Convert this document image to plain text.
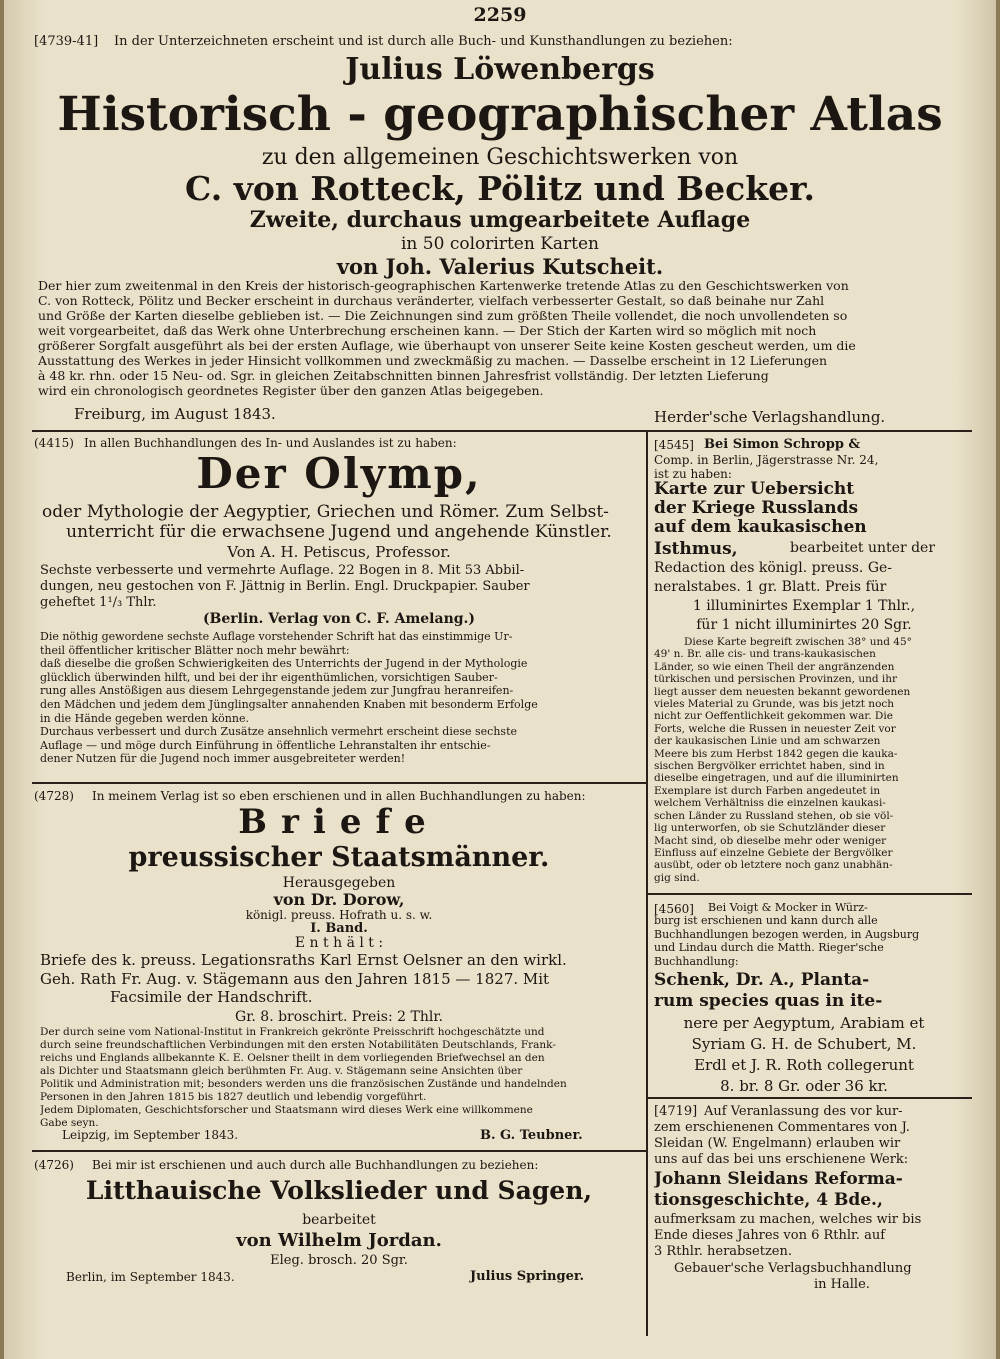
2259
[4739-41] In der Unterzeichneten erscheint und ist durch alle Buch- und Kunsthandlungen zu beziehen:
Julius Löwenbergs
Historisch - geographischer Atlas
zu den allgemeinen Geschichtswerken von
C. von Rotteck, Pölitz und Becker.
Zweite, durchaus umgearbeitete Auflage
in 50 colorirten Karten
von Joh. Valerius Kutscheit.
Der hier zum zweitenmal in den Kreis der historisch-geographischen Kartenwerke tretende Atlas zu den Geschichtswerken von
C. von Rotteck, Pölitz und Becker erscheint in durchaus veränderter, vielfach verbesserter Gestalt, so daß beinahe nur Zahl
und Größe der Karten dieselbe geblieben ist. — Die Zeichnungen sind zum größten Theile vollendet, die noch unvollendeten so
weit vorgearbeitet, daß das Werk ohne Unterbrechung erscheinen kann. — Der Stich der Karten wird so möglich mit noch
größerer Sorgfalt ausgeführt als bei der ersten Auflage, wie überhaupt von unserer Seite keine Kosten gescheut werden, um die
Ausstattung des Werkes in jeder Hinsicht vollkommen und zweckmäßig zu machen. — Dasselbe erscheint in 12 Lieferungen
à 48 kr. rhn. oder 15 Neu- od. Sgr. in gleichen Zeitabschnitten binnen Jahresfrist vollständig. Der letzten Lieferung
wird ein chronologisch geordnetes Register über den ganzen Atlas beigegeben.
Freiburg, im August 1843.	Herder'sche Verlagshandlung.
(4415) In allen Buchhandlungen des In- und Auslandes ist zu haben:
Der Olymp,
oder Mythologie der Aegyptier, Griechen und Römer. Zum Selbst-
unterricht für die erwachsene Jugend und angehende Künstler.
Von A. H. Petiscus, Professor.
Sechste verbesserte und vermehrte Auflage. 22 Bogen in 8. Mit 53 Abbil-
dungen, neu gestochen von F. Jättnig in Berlin. Engl. Druckpapier. Sauber
geheftet 1¹/₃ Thlr.
(Berlin. Verlag von C. F. Amelang.)
Die nöthig gewordene sechste Auflage vorstehender Schrift hat das einstimmige Ur-
theil öffentlicher kritischer Blätter noch mehr bewährt:
daß dieselbe die großen Schwierigkeiten des Unterrichts der Jugend in der Mythologie
glücklich überwinden hilft, und bei der ihr eigenthümlichen, vorsichtigen Sauber-
rung alles Anstößigen aus diesem Lehrgegenstande jedem zur Jungfrau heranreifen-
den Mädchen und jedem dem Jünglingsalter annahenden Knaben mit besonderm Erfolge
in die Hände gegeben werden könne.
Durchaus verbessert und durch Zusätze ansehnlich vermehrt erscheint diese sechste
Auflage — und möge durch Einführung in öffentliche Lehranstalten ihr entschie-
dener Nutzen für die Jugend noch immer ausgebreiteter werden!
(4728) In meinem Verlag ist so eben erschienen und in allen Buchhandlungen zu haben:
Briefe
preussischer Staatsmänner.
Herausgegeben
von Dr. Dorow,
königl. preuss. Hofrath u. s. w.
I. Band.
E n t h ä l t :
Briefe des k. preuss. Legationsraths Karl Ernst Oelsner an den wirkl.
Geh. Rath Fr. Aug. v. Stägemann aus den Jahren 1815 — 1827. Mit
Facsimile der Handschrift.
Gr. 8. broschirt. Preis: 2 Thlr.
Der durch seine vom National-Institut in Frankreich gekrönte Preisschrift hochgeschätzte und
durch seine freundschaftlichen Verbindungen mit den ersten Notabilitäten Deutschlands, Frank-
reichs und Englands allbekannte K. E. Oelsner theilt in dem vorliegenden Briefwechsel an den
als Dichter und Staatsmann gleich berühmten Fr. Aug. v. Stägemann seine Ansichten über
Politik und Administration mit; besonders werden uns die französischen Zustände und handelnden
Personen in den Jahren 1815 bis 1827 deutlich und lebendig vorgeführt.
Jedem Diplomaten, Geschichtsforscher und Staatsmann wird dieses Werk eine willkommene
Gabe seyn.
Leipzig, im September 1843.	B. G. Teubner.
(4726) Bei mir ist erschienen und auch durch alle Buchhandlungen zu beziehen:
Litthauische Volkslieder und Sagen,
bearbeitet
von Wilhelm Jordan.
Eleg. brosch. 20 Sgr.
Berlin, im September 1843.	Julius Springer.
[4545] Bei Simon Schropp &
Comp. in Berlin, Jägerstrasse Nr. 24,
ist zu haben:
Karte zur Uebersicht
der Kriege Russlands
auf dem kaukasischen
Isthmus,	bearbeitet unter der
Redaction des königl. preuss. Ge-
neralstabes. 1 gr. Blatt. Preis für
1 illuminirtes Exemplar 1 Thlr.,
für 1 nicht illuminirtes 20 Sgr.
Diese Karte begreift zwischen 38° und 45°
49' n. Br. alle cis- und trans-kaukasischen
Länder, so wie einen Theil der angränzenden
türkischen und persischen Provinzen, und ihr
liegt ausser dem neuesten bekannt gewordenen
vieles Material zu Grunde, was bis jetzt noch
nicht zur Oeffentlichkeit gekommen war. Die
Forts, welche die Russen in neuester Zeit vor
der kaukasischen Linie und am schwarzen
Meere bis zum Herbst 1842 gegen die kauka-
sischen Bergvölker errichtet haben, sind in
dieselbe eingetragen, und auf die illuminirten
Exemplare ist durch Farben angedeutet in
welchem Verhältniss die einzelnen kaukasi-
schen Länder zu Russland stehen, ob sie völ-
lig unterworfen, ob sie Schutzländer dieser
Macht sind, ob dieselbe mehr oder weniger
Einfluss auf einzelne Gebiete der Bergvölker
ausübt, oder ob letztere noch ganz unabhän-
gig sind.
[4560]	Bei Voigt & Mocker in Würz-
burg ist erschienen und kann durch alle
Buchhandlungen bezogen werden, in Augsburg
und Lindau durch die Matth. Rieger'sche
Buchhandlung:
Schenk, Dr. A., Planta-
rum species quas in ite-
nere per Aegyptum, Arabiam et
Syriam G. H. de Schubert, M.
Erdl et J. R. Roth collegerunt
8. br. 8 Gr. oder 36 kr.
[4719] Auf Veranlassung des vor kur-
zem erschienenen Commentares von J.
Sleidan (W. Engelmann) erlauben wir
uns auf das bei uns erschienene Werk:
Johann Sleidans Reforma-
tionsgeschichte, 4 Bde.,
aufmerksam zu machen, welches wir bis
Ende dieses Jahres von 6 Rthlr. auf
3 Rthlr. herabsetzen.
Gebauer'sche Verlagsbuchhandlung
in Halle.
